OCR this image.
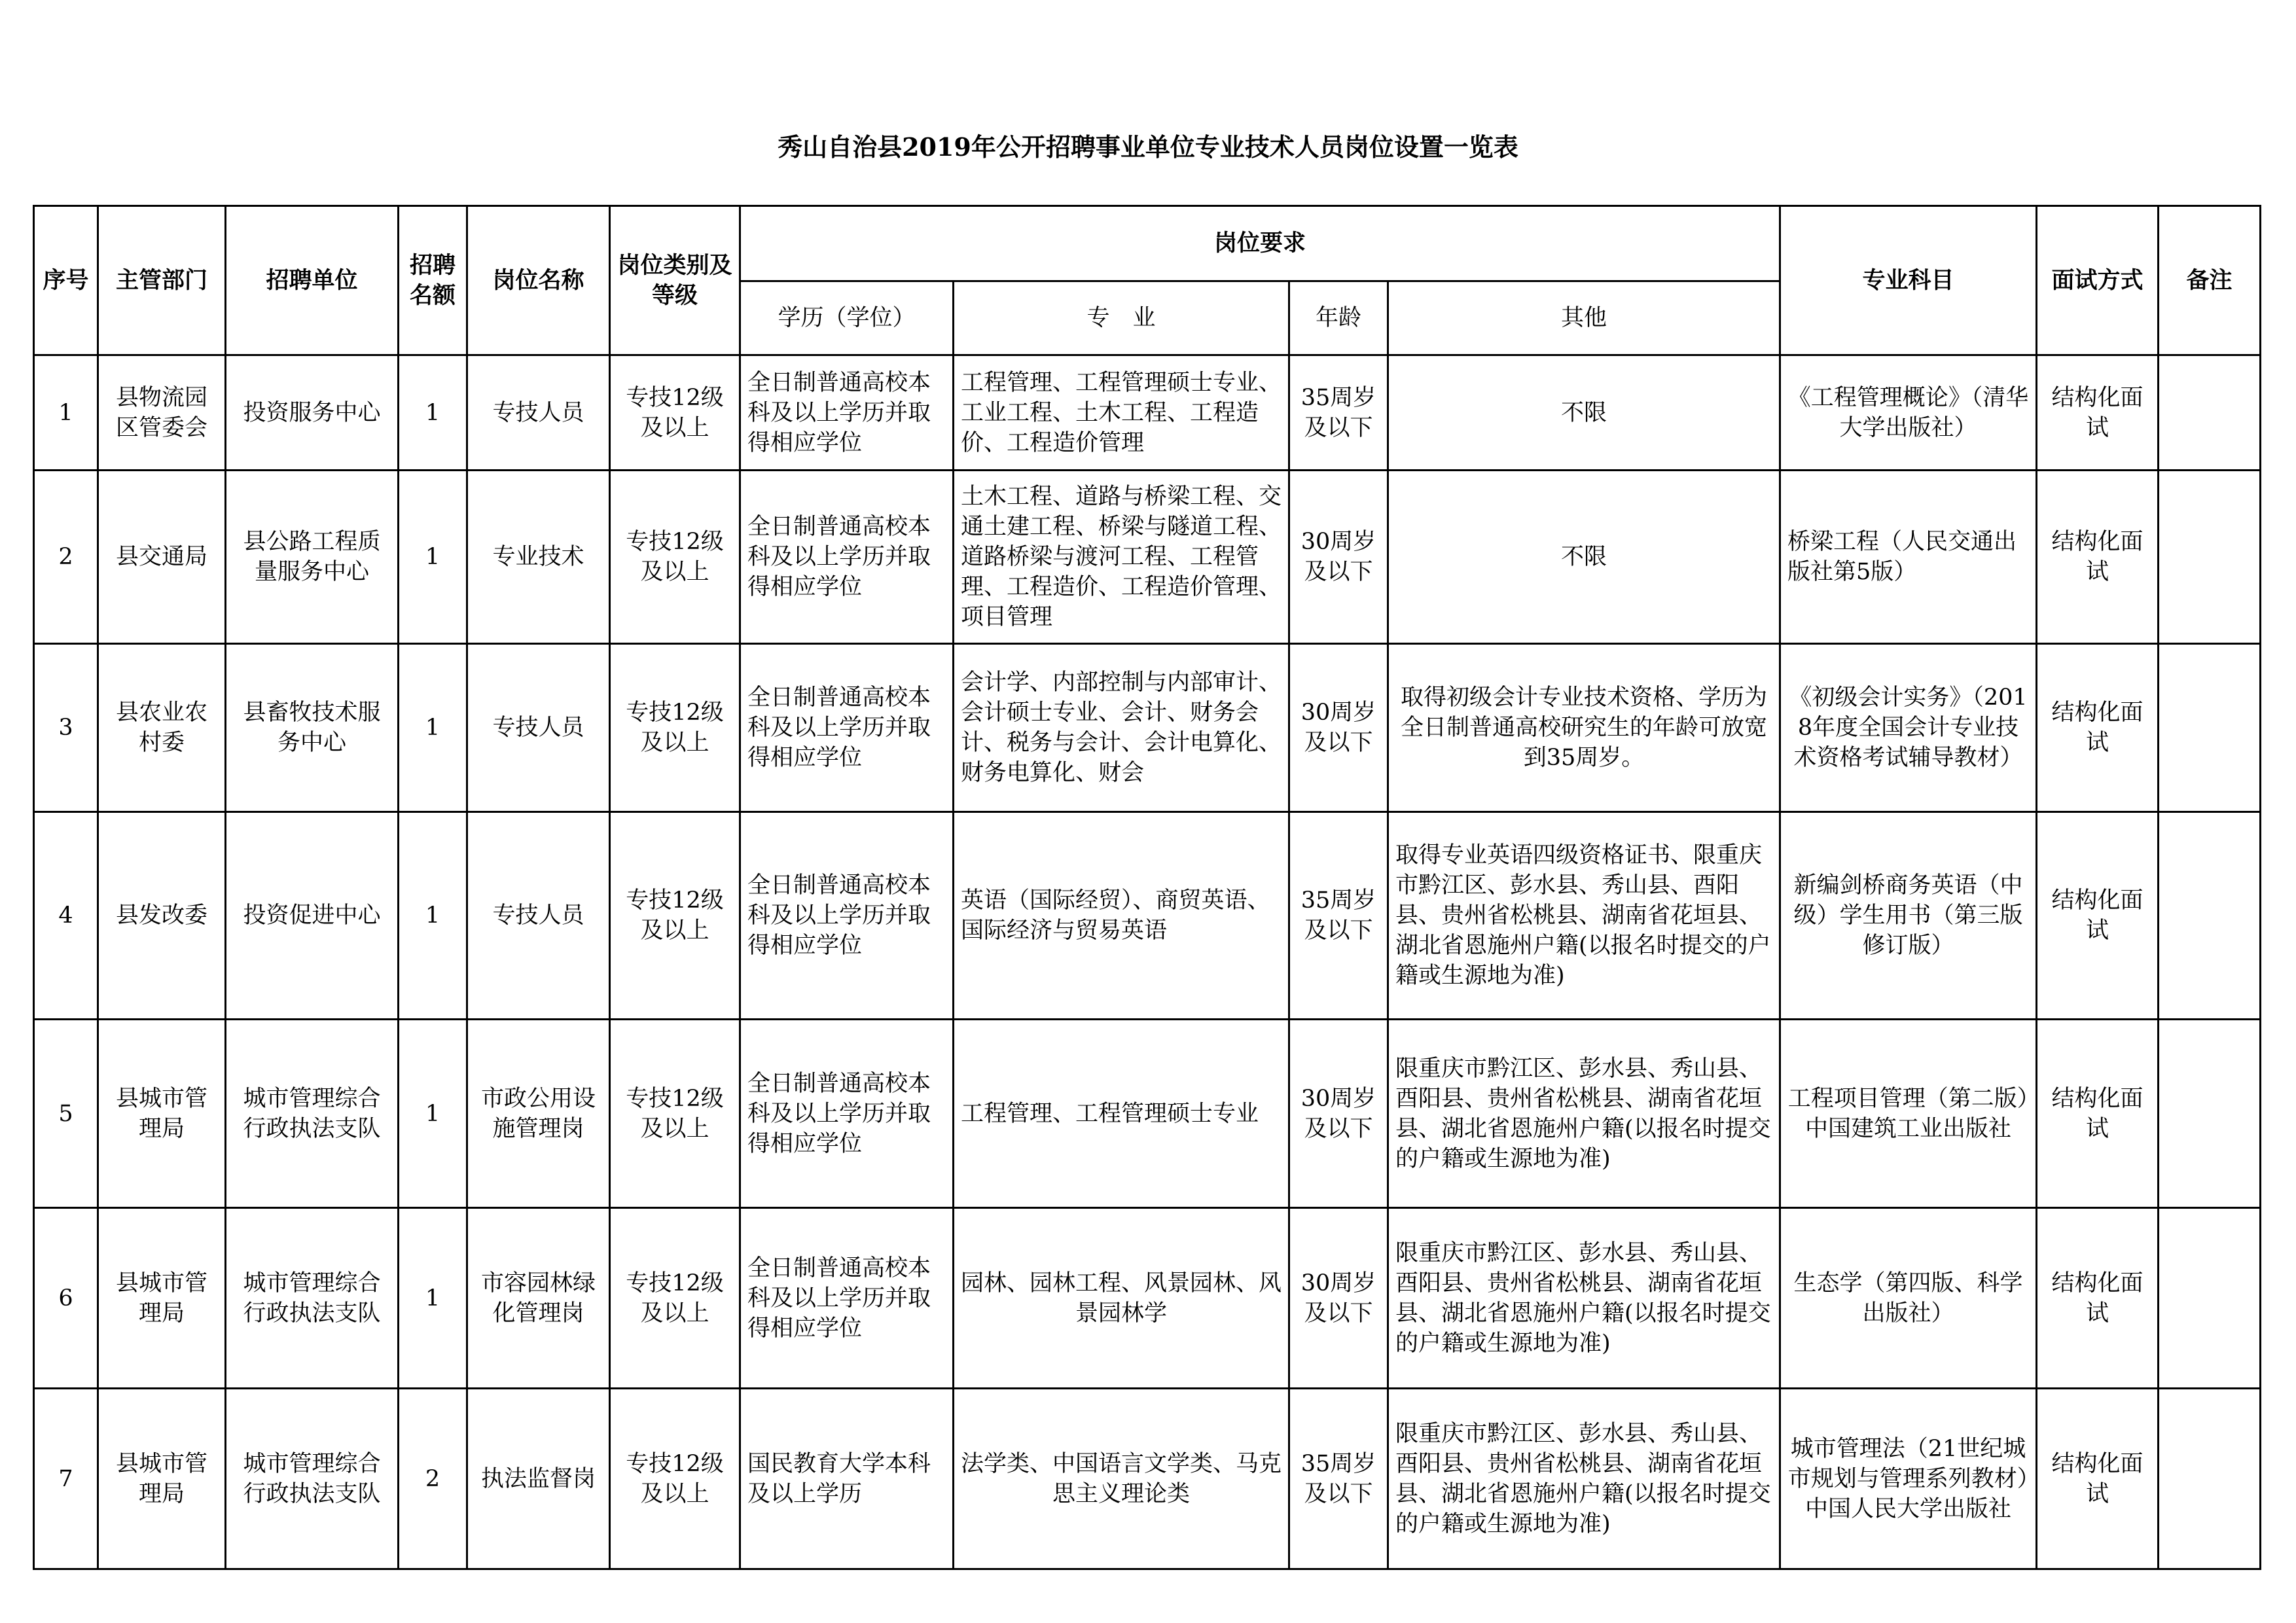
秀山自治县2019年公开招聘事业单位专业技术人员岗位设置一览表
序号	主管部门	招聘单位	招聘名额	岗位名称	岗位类别及等级	岗位要求				专业科目	面试方式	备注
						学历（学位）	专　业	年龄	其他			
1	县物流园区管委会	投资服务中心	1	专技人员	专技12级及以上	全日制普通高校本科及以上学历并取得相应学位	工程管理、工程管理硕士专业、工业工程、土木工程、工程造价、工程造价管理	35周岁及以下	不限	《工程管理概论》（清华大学出版社）	结构化面试	
2	县交通局	县公路工程质量服务中心	1	专业技术	专技12级及以上	全日制普通高校本科及以上学历并取得相应学位	土木工程、道路与桥梁工程、交通土建工程、桥梁与隧道工程、道路桥梁与渡河工程、工程管理、工程造价、工程造价管理、项目管理	30周岁及以下	不限	桥梁工程（人民交通出版社第5版）	结构化面试	
3	县农业农村委	县畜牧技术服务中心	1	专技人员	专技12级及以上	全日制普通高校本科及以上学历并取得相应学位	会计学、内部控制与内部审计、会计硕士专业、会计、财务会计、税务与会计、会计电算化、财务电算化、财会	30周岁及以下	取得初级会计专业技术资格、学历为全日制普通高校研究生的年龄可放宽到35周岁。	《初级会计实务》（2018年度全国会计专业技术资格考试辅导教材）	结构化面试	
4	县发改委	投资促进中心	1	专技人员	专技12级及以上	全日制普通高校本科及以上学历并取得相应学位	英语（国际经贸）、商贸英语、国际经济与贸易英语	35周岁及以下	取得专业英语四级资格证书、限重庆市黔江区、彭水县、秀山县、酉阳县、贵州省松桃县、湖南省花垣县、湖北省恩施州户籍(以报名时提交的户籍或生源地为准)	新编剑桥商务英语（中级）学生用书（第三版修订版）	结构化面试	
5	县城市管理局	城市管理综合行政执法支队	1	市政公用设施管理岗	专技12级及以上	全日制普通高校本科及以上学历并取得相应学位	工程管理、工程管理硕士专业	30周岁及以下	限重庆市黔江区、彭水县、秀山县、酉阳县、贵州省松桃县、湖南省花垣县、湖北省恩施州户籍(以报名时提交的户籍或生源地为准)	工程项目管理（第二版）中国建筑工业出版社	结构化面试	
6	县城市管理局	城市管理综合行政执法支队	1	市容园林绿化管理岗	专技12级及以上	全日制普通高校本科及以上学历并取得相应学位	园林、园林工程、风景园林、风景园林学	30周岁及以下	限重庆市黔江区、彭水县、秀山县、酉阳县、贵州省松桃县、湖南省花垣县、湖北省恩施州户籍(以报名时提交的户籍或生源地为准)	生态学（第四版、科学出版社）	结构化面试	
7	县城市管理局	城市管理综合行政执法支队	2	执法监督岗	专技12级及以上	国民教育大学本科及以上学历	法学类、中国语言文学类、马克思主义理论类	35周岁及以下	限重庆市黔江区、彭水县、秀山县、酉阳县、贵州省松桃县、湖南省花垣县、湖北省恩施州户籍(以报名时提交的户籍或生源地为准)	城市管理法（21世纪城市规划与管理系列教材）中国人民大学出版社	结构化面试	
